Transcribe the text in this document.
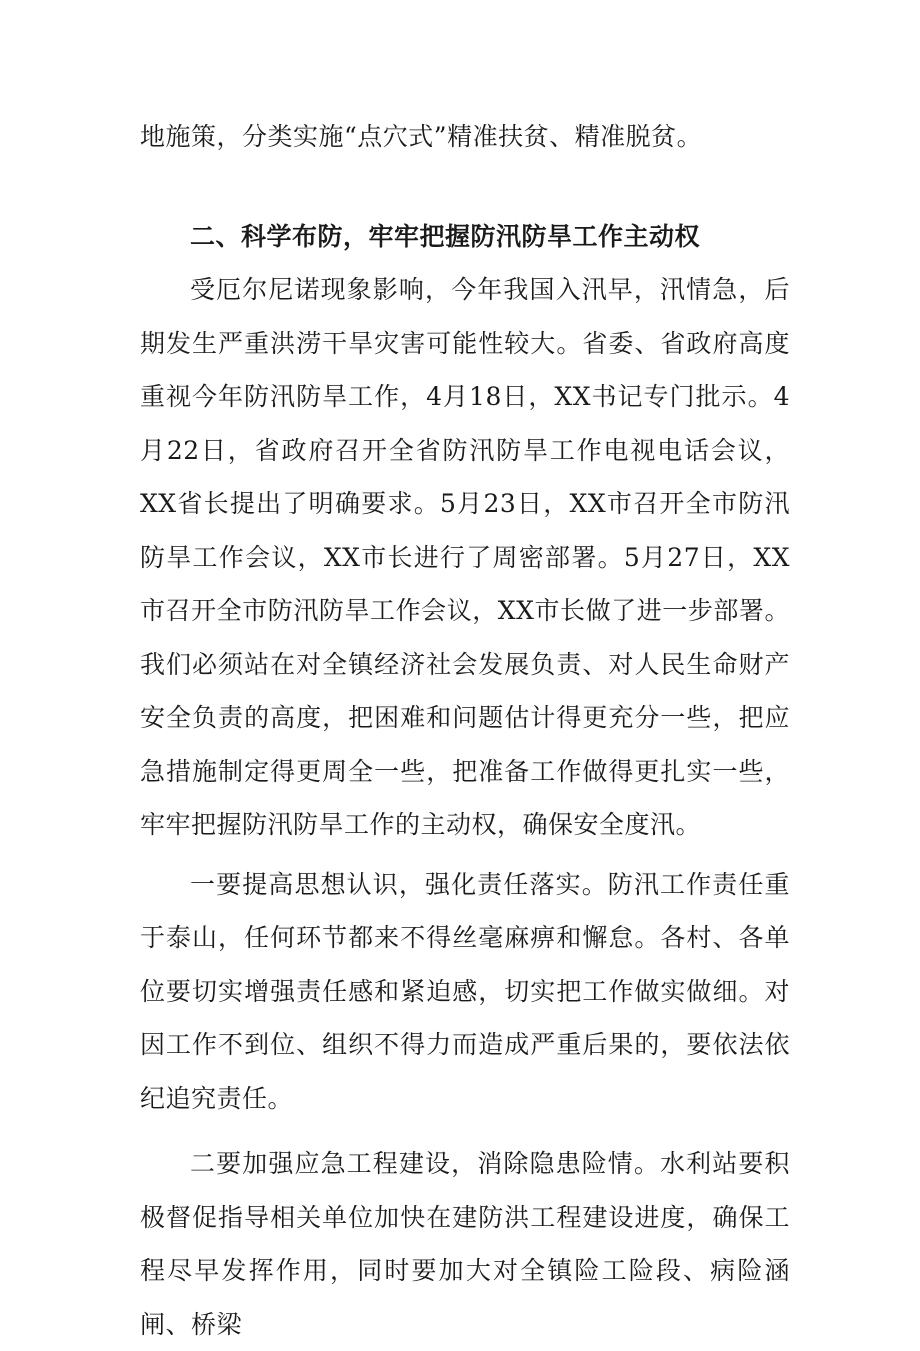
地施策，分类实施“点穴式”精准扶贫、精准脱贫。

二、科学布防，牢牢把握防汛防旱工作主动权

受厄尔尼诺现象影响，今年我国入汛早，汛情急，后期发生严重洪涝干旱灾害可能性较大。省委、省政府高度重视今年防汛防旱工作，4月18日，XX书记专门批示。4月22日，省政府召开全省防汛防旱工作电视电话会议，XX省长提出了明确要求。5月23日，XX市召开全市防汛防旱工作会议，XX市长进行了周密部署。5月27日，XX市召开全市防汛防旱工作会议，XX市长做了进一步部署。我们必须站在对全镇经济社会发展负责、对人民生命财产安全负责的高度，把困难和问题估计得更充分一些，把应急措施制定得更周全一些，把准备工作做得更扎实一些，牢牢把握防汛防旱工作的主动权，确保安全度汛。

一要提高思想认识，强化责任落实。防汛工作责任重于泰山，任何环节都来不得丝毫麻痹和懈怠。各村、各单位要切实增强责任感和紧迫感，切实把工作做实做细。对因工作不到位、组织不得力而造成严重后果的，要依法依纪追究责任。

二要加强应急工程建设，消除隐患险情。水利站要积极督促指导相关单位加快在建防洪工程建设进度，确保工程尽早发挥作用，同时要加大对全镇险工险段、病险涵闸、桥梁
